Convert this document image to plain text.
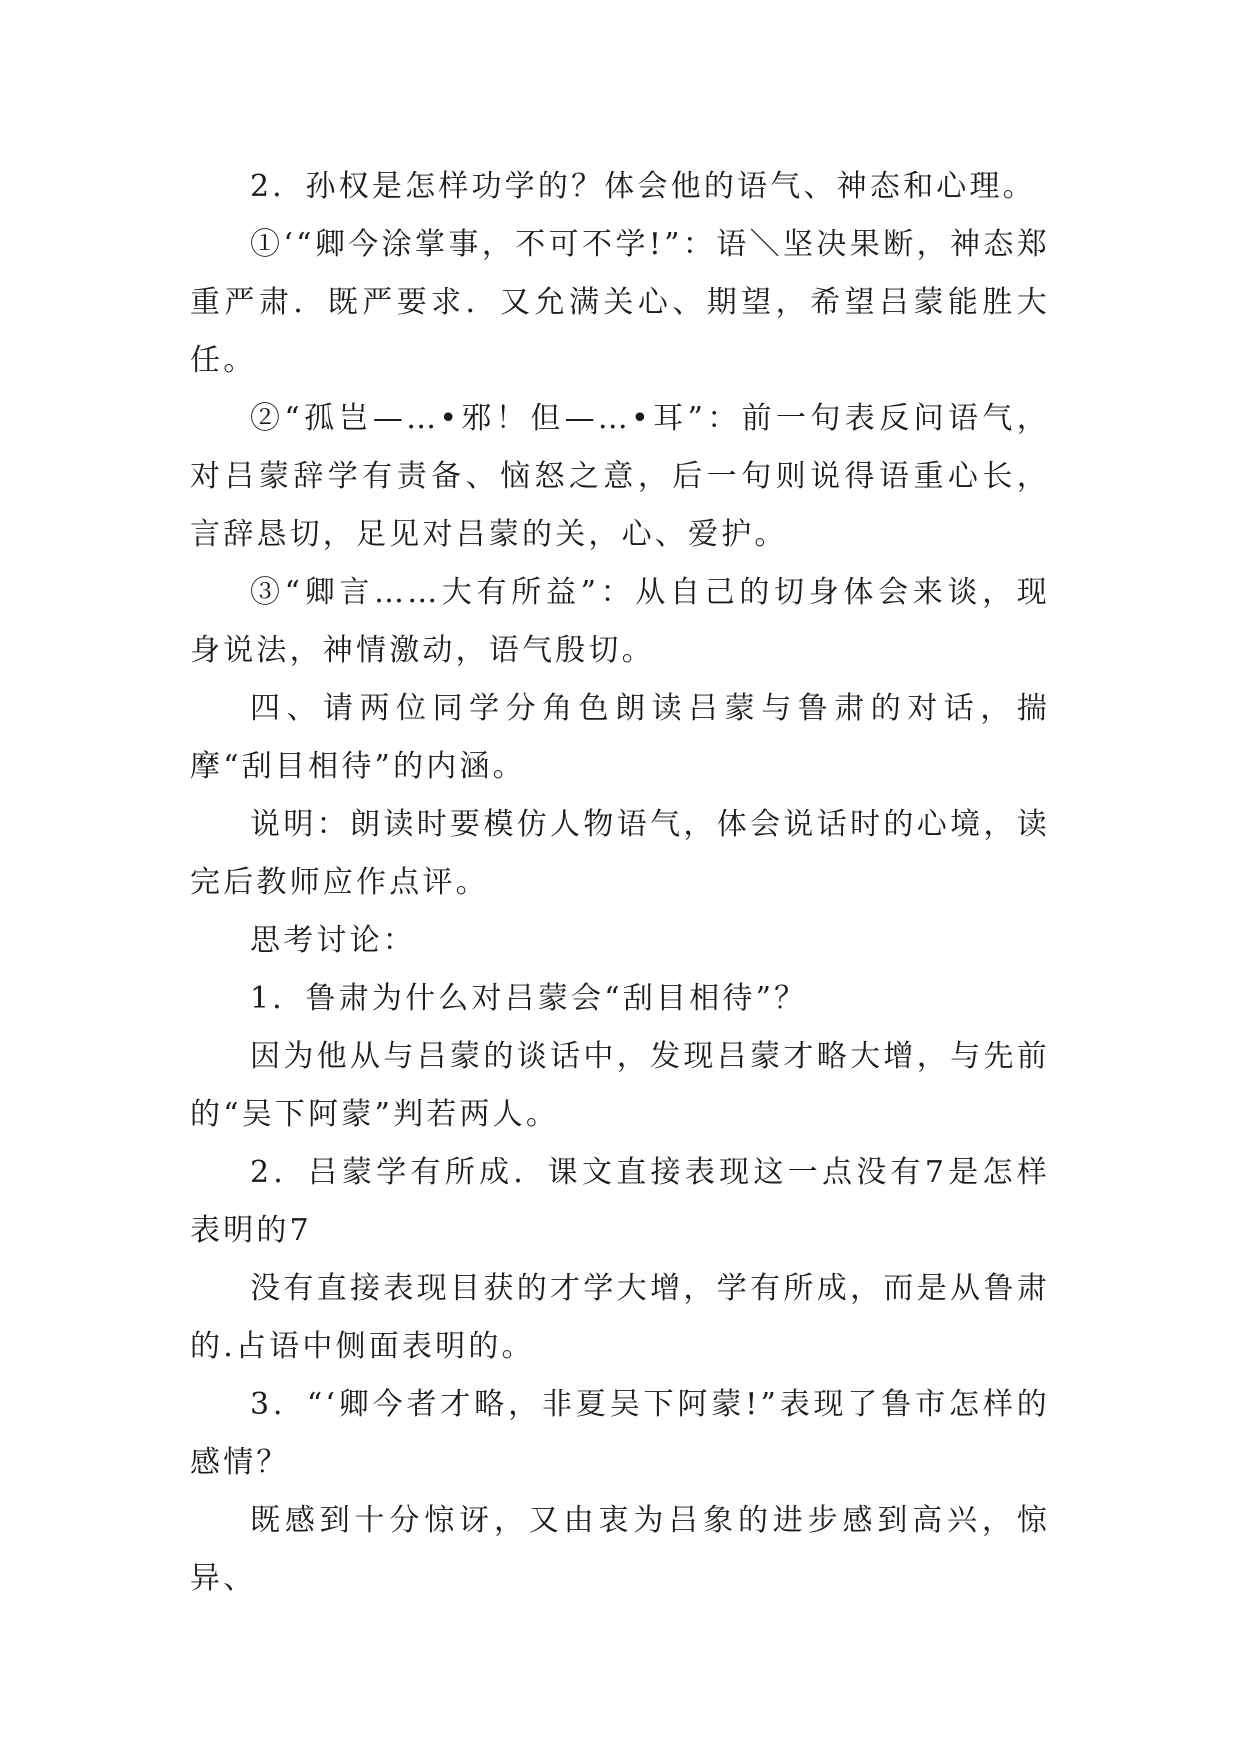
2．孙权是怎样功学的？体会他的语气、神态和心理。

①‘“卿今涂掌事，不可不学!”：语＼坚决果断，神态郑重严肃．既严要求．又允满关心、期望，希望吕蒙能胜大任。

②“孤岂—…•邪！但—…•耳”：前一句表反问语气，对吕蒙辞学有责备、恼怒之意，后一句则说得语重心长，言辞恳切，足见对吕蒙的关，心、爱护。

③“卿言……大有所益”：从自己的切身体会来谈，现身说法，神情激动，语气殷切。

四、请两位同学分角色朗读吕蒙与鲁肃的对话，揣摩“刮目相待”的内涵。

说明：朗读时要模仿人物语气，体会说话时的心境，读完后教师应作点评。

思考讨论：

1．鲁肃为什么对吕蒙会“刮目相待”？

因为他从与吕蒙的谈话中，发现吕蒙才略大增，与先前的“吴下阿蒙”判若两人。

2．吕蒙学有所成．课文直接表现这一点没有7是怎样表明的7

没有直接表现目获的才学大增，学有所成，而是从鲁肃的.占语中侧面表明的。

3．“‘卿今者才略，非夏吴下阿蒙!”表现了鲁市怎样的感情？

既感到十分惊讶，又由衷为吕象的进步感到高兴，惊异、
